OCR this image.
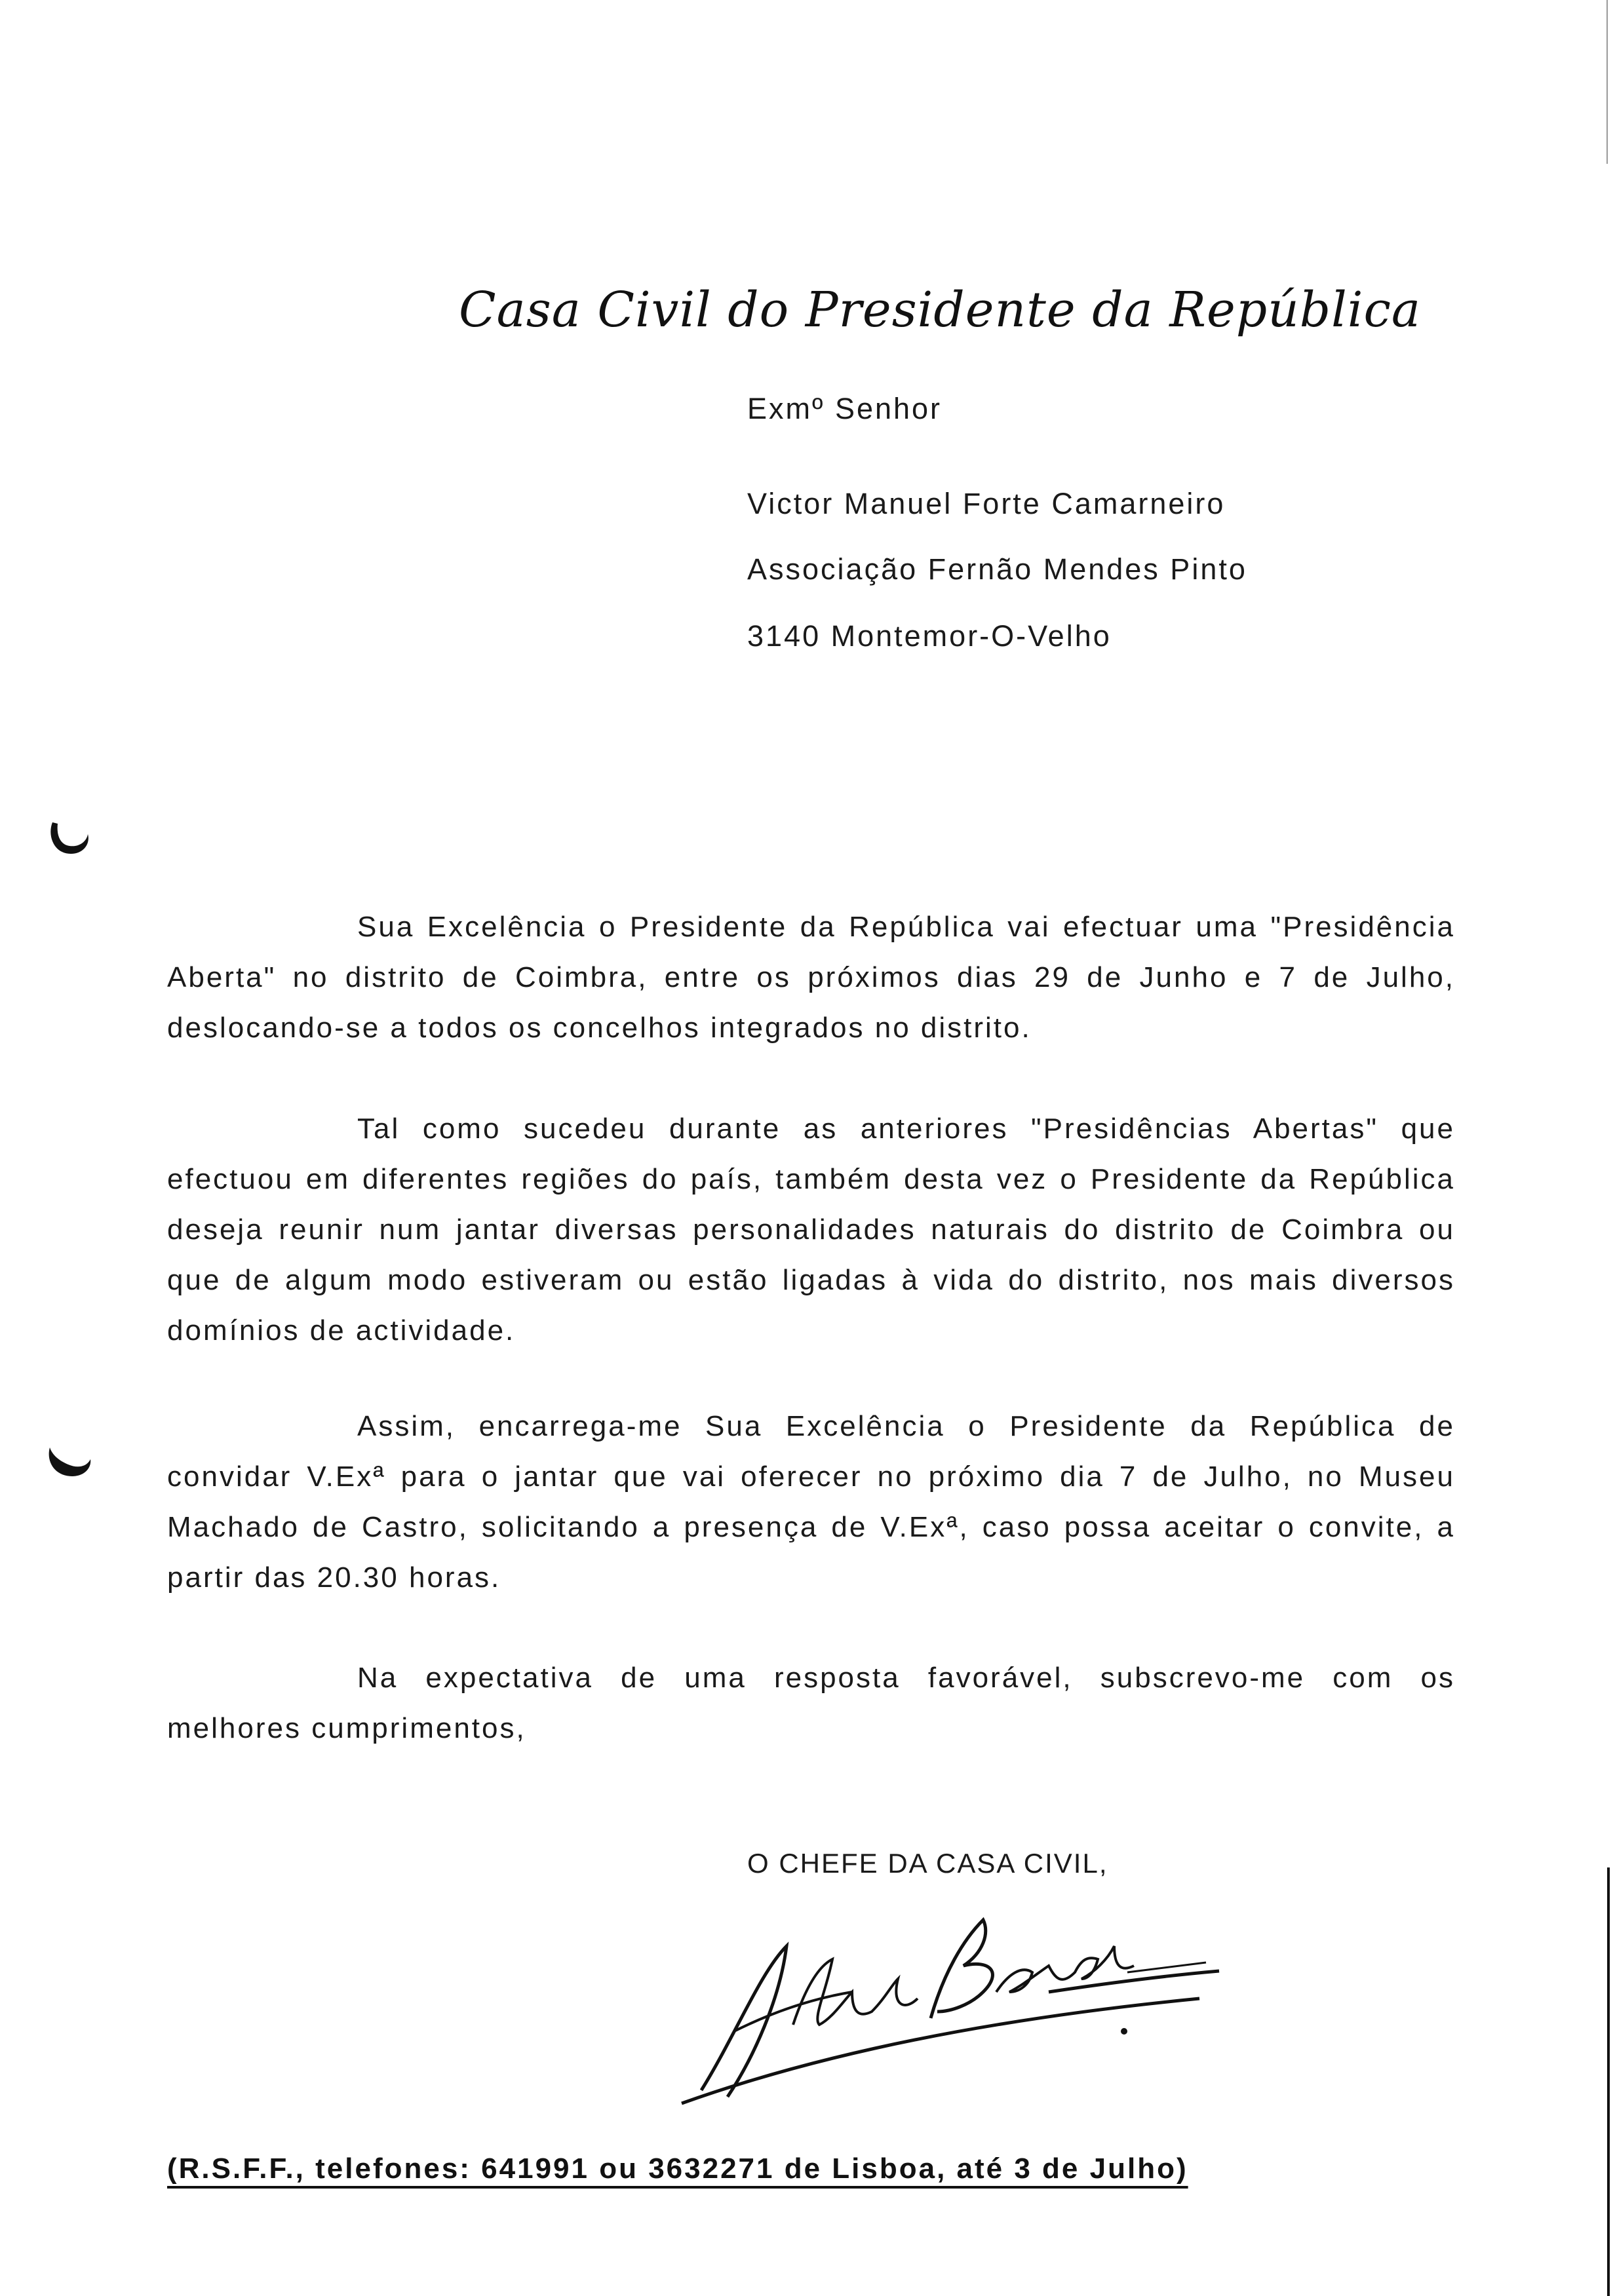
Casa Civil do Presidente da República
Exmº Senhor
Victor Manuel Forte Camarneiro
Associação Fernão Mendes Pinto
3140 Montemor-O-Velho
Sua Excelência o Presidente da República vai efectuar uma "Presidência Aberta" no distrito de Coimbra, entre os próximos dias 29 de Junho e 7 de Julho, deslocando-se a todos os concelhos integrados no distrito.
Tal como sucedeu durante as anteriores "Presidências Abertas" que efectuou em diferentes regiões do país, também desta vez o Presidente da República deseja reunir num jantar diversas personalidades naturais do distrito de Coimbra ou que de algum modo estiveram ou estão ligadas à vida do distrito, nos mais diversos domínios de actividade.
Assim, encarrega-me Sua Excelência o Presidente da República de convidar V.Exª para o jantar que vai oferecer no próximo dia 7 de Julho, no Museu Machado de Castro, solicitando a presença de V.Exª, caso possa aceitar o convite, a partir das 20.30 horas.
Na expectativa de uma resposta favorável, subscrevo-me com os melhores cumprimentos,
O CHEFE DA CASA CIVIL,
(R.S.F.F., telefones: 641991 ou 3632271 de Lisboa, até 3 de Julho)
